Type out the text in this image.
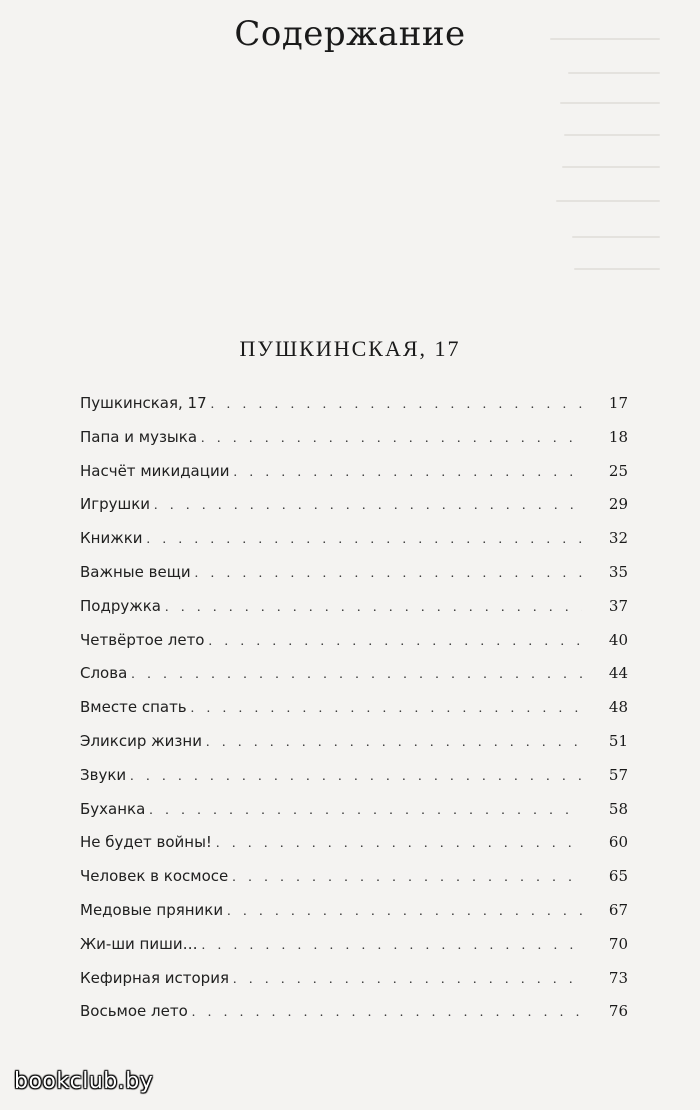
Содержание
ПУШКИНСКАЯ, 17
Пушкинская, 17 . . .	17
Папа и музыка . . .	18
Насчёт микидации . . .	25
Игрушки . . .	29
Книжки . . .	32
Важные вещи . . .	35
Подружка . . .	37
Четвёртое лето . . .	40
Слова . . .	44
Вместе спать . . .	48
Эликсир жизни . . .	51
Звуки . . .	57
Буханка . . .	58
Не будет войны! . . .	60
Человек в космосе . . .	65
Медовые пряники . . .	67
Жи-ши пиши… . . .	70
Кефирная история . . .	73
Восьмое лето . . .	76
bookclub.by
